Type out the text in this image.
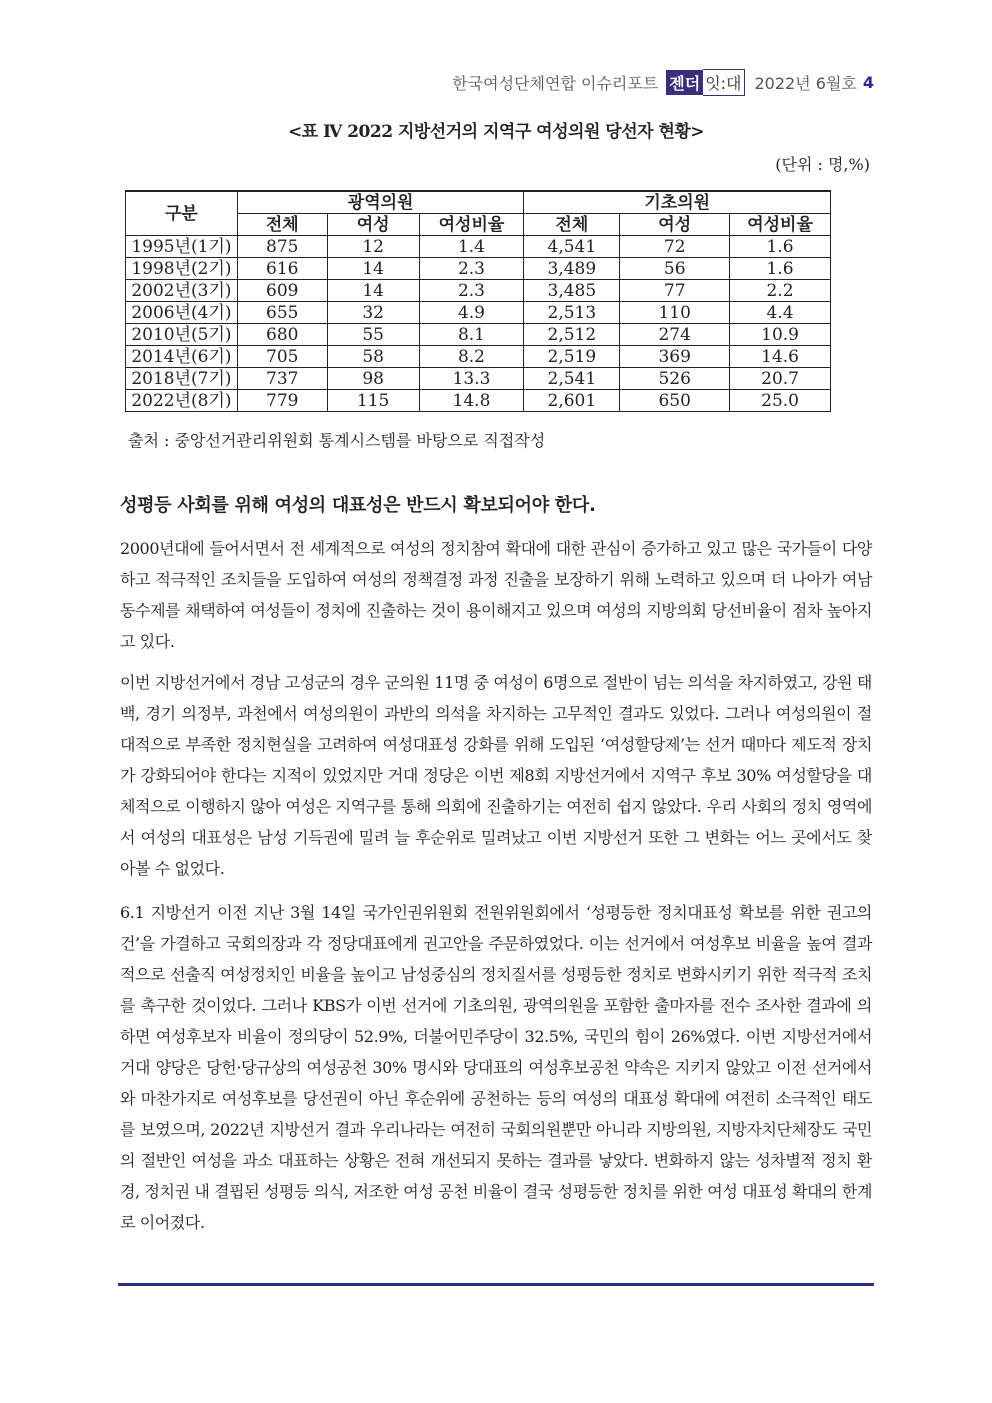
한국여성단체연합 이슈리포트 젠더 잇:대 2022년 6월호 4
<표 Ⅳ 2022 지방선거의 지역구 여성의원 당선자 현황>
(단위 : 명,%)
구분	광역의원			기초의원		
	전체	여성	여성비율	전체	여성	여성비율
1995년(1기)	875	12	1.4	4,541	72	1.6
1998년(2기)	616	14	2.3	3,489	56	1.6
2002년(3기)	609	14	2.3	3,485	77	2.2
2006년(4기)	655	32	4.9	2,513	110	4.4
2010년(5기)	680	55	8.1	2,512	274	10.9
2014년(6기)	705	58	8.2	2,519	369	14.6
2018년(7기)	737	98	13.3	2,541	526	20.7
2022년(8기)	779	115	14.8	2,601	650	25.0
출처 : 중앙선거관리위원회 통계시스템를 바탕으로 직접작성
성평등 사회를 위해 여성의 대표성은 반드시 확보되어야 한다.

2000년대에 들어서면서 전 세계적으로 여성의 정치참여 확대에 대한 관심이 증가하고 있고 많은 국가들이 다양하고 적극적인 조치들을 도입하여 여성의 정책결정 과정 진출을 보장하기 위해 노력하고 있으며 더 나아가 여남동수제를 채택하여 여성들이 정치에 진출하는 것이 용이해지고 있으며 여성의 지방의회 당선비율이 점차 높아지고 있다.

이번 지방선거에서 경남 고성군의 경우 군의원 11명 중 여성이 6명으로 절반이 넘는 의석을 차지하였고, 강원 태백, 경기 의정부, 과천에서 여성의원이 과반의 의석을 차지하는 고무적인 결과도 있었다. 그러나 여성의원이 절대적으로 부족한 정치현실을 고려하여 여성대표성 강화를 위해 도입된 ‘여성할당제’는 선거 때마다 제도적 장치가 강화되어야 한다는 지적이 있었지만 거대 정당은 이번 제8회 지방선거에서 지역구 후보 30% 여성할당을 대체적으로 이행하지 않아 여성은 지역구를 통해 의회에 진출하기는 여전히 쉽지 않았다. 우리 사회의 정치 영역에서 여성의 대표성은 남성 기득권에 밀려 늘 후순위로 밀려났고 이번 지방선거 또한 그 변화는 어느 곳에서도 찾아볼 수 없었다.

6.1 지방선거 이전 지난 3월 14일 국가인권위원회 전원위원회에서 ‘성평등한 정치대표성 확보를 위한 권고의 건’을 가결하고 국회의장과 각 정당대표에게 권고안을 주문하였었다. 이는 선거에서 여성후보 비율을 높여 결과적으로 선출직 여성정치인 비율을 높이고 남성중심의 정치질서를 성평등한 정치로 변화시키기 위한 적극적 조치를 촉구한 것이었다. 그러나 KBS가 이번 선거에 기초의원, 광역의원을 포함한 출마자를 전수 조사한 결과에 의하면 여성후보자 비율이 정의당이 52.9%, 더불어민주당이 32.5%, 국민의 힘이 26%였다. 이번 지방선거에서 거대 양당은 당헌·당규상의 여성공천 30% 명시와 당대표의 여성후보공천 약속은 지키지 않았고 이전 선거에서와 마찬가지로 여성후보를 당선권이 아닌 후순위에 공천하는 등의 여성의 대표성 확대에 여전히 소극적인 태도를 보였으며, 2022년 지방선거 결과 우리나라는 여전히 국회의원뿐만 아니라 지방의원, 지방자치단체장도 국민의 절반인 여성을 과소 대표하는 상황은 전혀 개선되지 못하는 결과를 낳았다. 변화하지 않는 성차별적 정치 환경, 정치권 내 결핍된 성평등 의식, 저조한 여성 공천 비율이 결국 성평등한 정치를 위한 여성 대표성 확대의 한계로 이어졌다.
